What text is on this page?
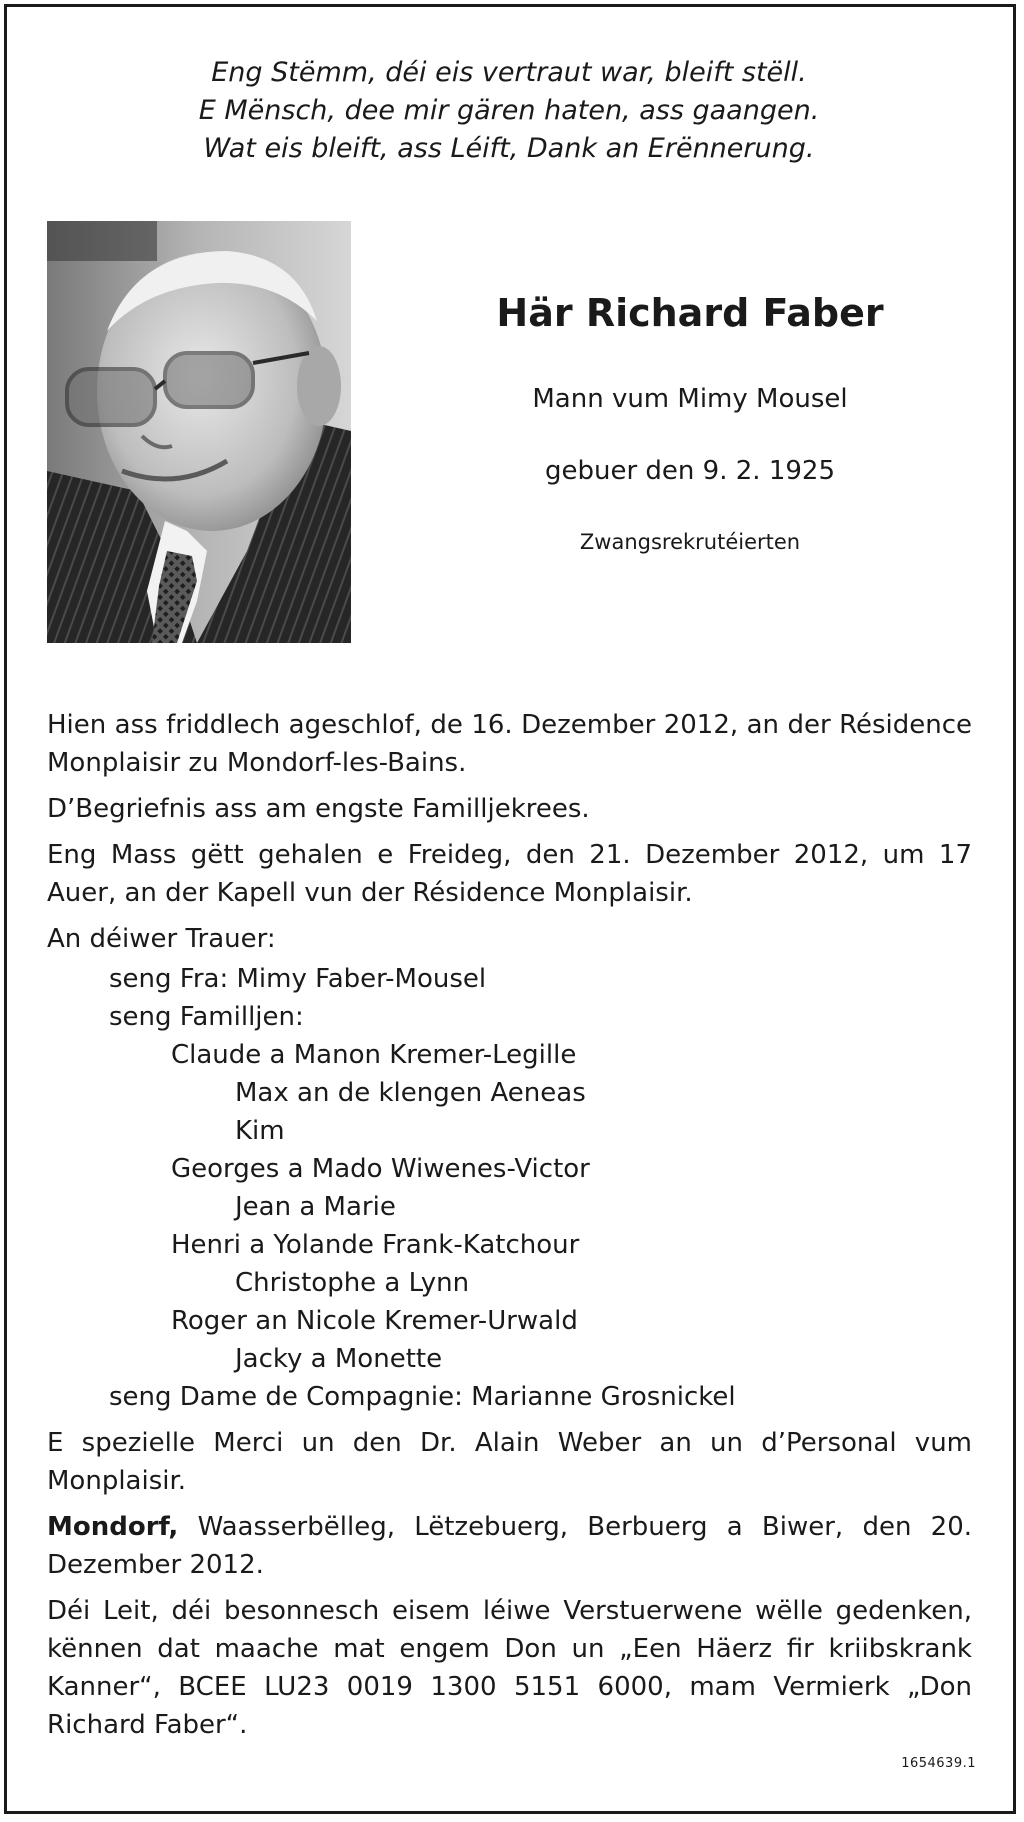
Eng Stëmm, déi eis vertraut war, bleift stëll.
E Mënsch, dee mir gären haten, ass gaangen.
Wat eis bleift, ass Léift, Dank an Erënnerung.
Här Richard Faber
Mann vum Mimy Mousel
gebuer den 9. 2. 1925
Zwangsrekrutéierten

Hien ass friddlech ageschlof, de 16. Dezember 2012, an der Résidence Monplaisir zu Mondorf-les-Bains.

D’Begriefnis ass am engste Familljekrees.

Eng Mass gëtt gehalen e Freideg, den 21. Dezember 2012, um 17 Auer, an der Kapell vun der Résidence Monplaisir.

An déiwer Trauer:

seng Fra: Mimy Faber-Mousel
seng Familljen:
Claude a Manon Kremer-Legille
Max an de klengen Aeneas
Kim
Georges a Mado Wiwenes-Victor
Jean a Marie
Henri a Yolande Frank-Katchour
Christophe a Lynn
Roger an Nicole Kremer-Urwald
Jacky a Monette
seng Dame de Compagnie: Marianne Grosnickel

E spezielle Merci un den Dr. Alain Weber an un d’Personal vum Monplaisir.

Mondorf, Waasserbëlleg, Lëtzebuerg, Berbuerg a Biwer, den 20. Dezember 2012.

Déi Leit, déi besonnesch eisem léiwe Verstuerwene wëlle gedenken, kënnen dat maache mat engem Don un „Een Häerz fir kriibskrank Kanner“, BCEE LU23 0019 1300 5151 6000, mam Vermierk „Don Richard Faber“.

1654639.1
